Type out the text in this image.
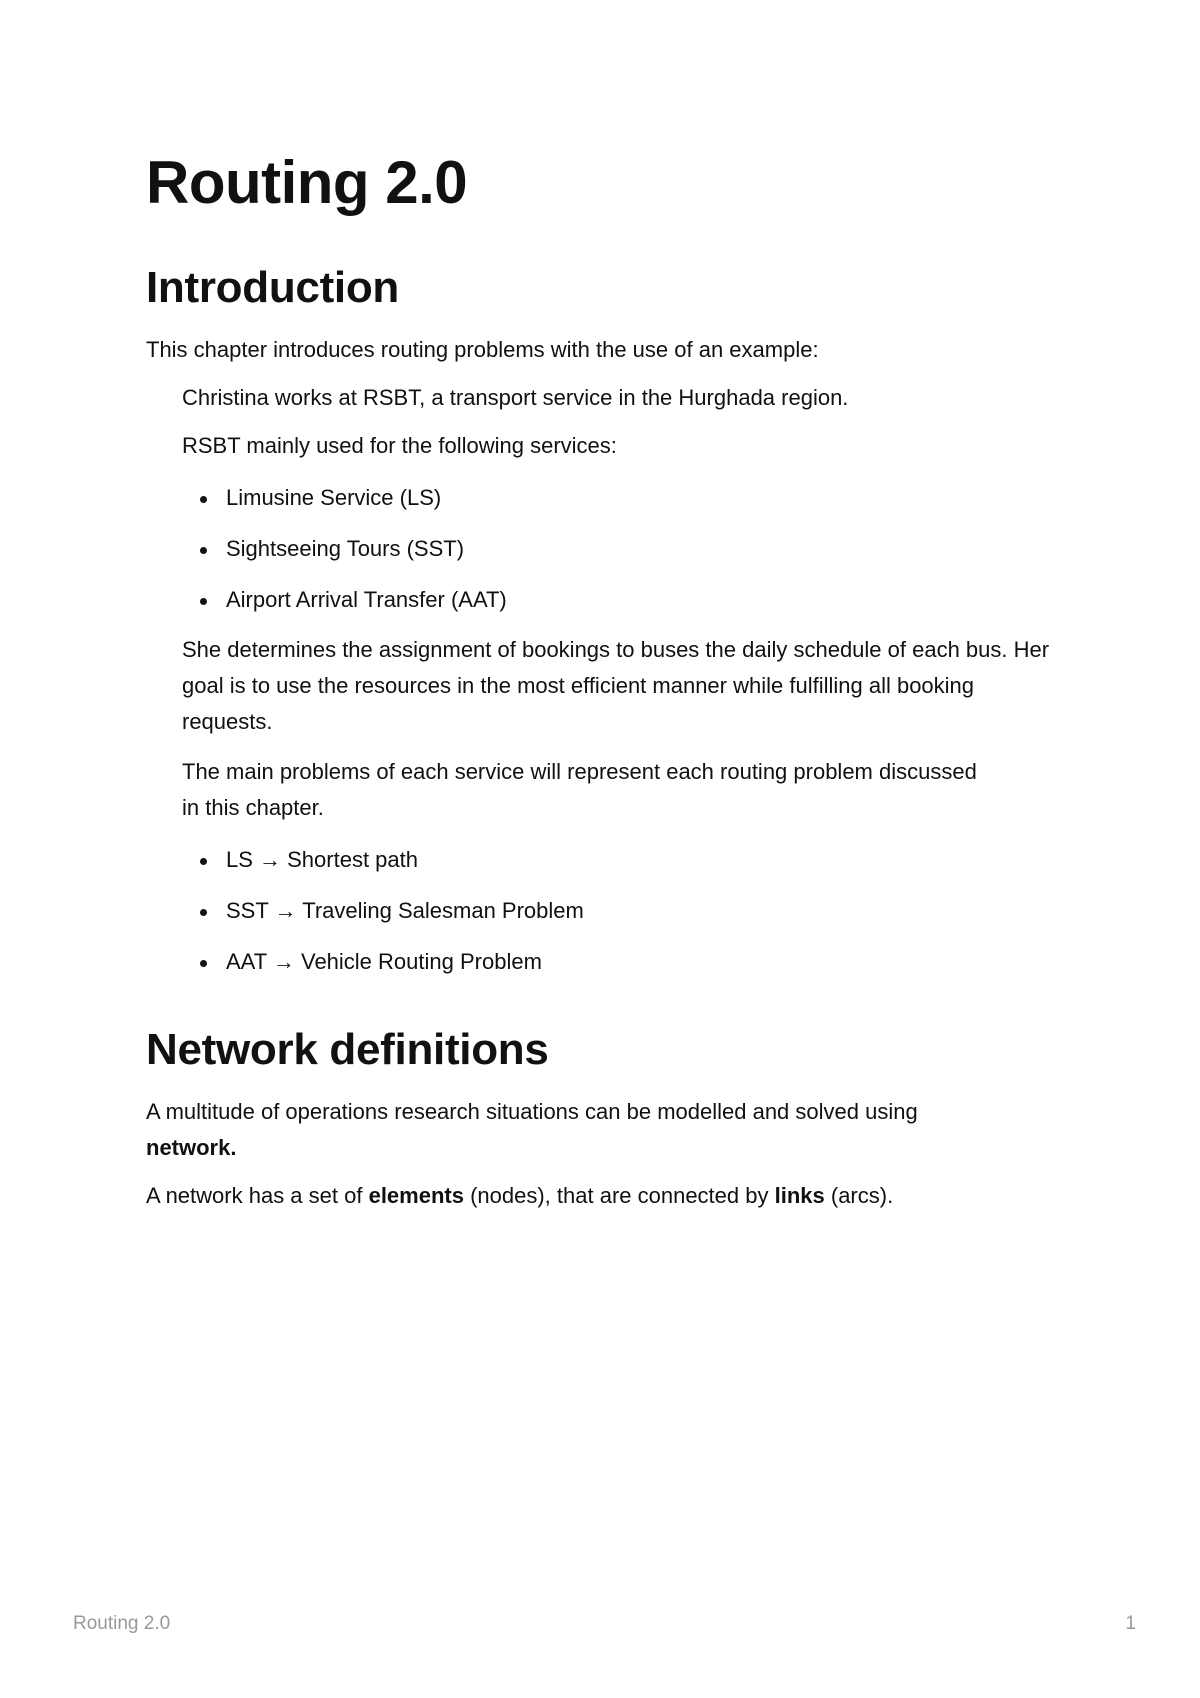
Routing 2.0
Introduction

This chapter introduces routing problems with the use of an example:

Christina works at RSBT, a transport service in the Hurghada region.

RSBT mainly used for the following services:

Limusine Service (LS)
Sightseeing Tours (SST)
Airport Arrival Transfer (AAT)

She determines the assignment of bookings to buses the daily schedule of each bus. Her goal is to use the resources in the most efficient manner while fulfilling all booking requests.

The main problems of each service will represent each routing problem discussed in this chapter.

LS → Shortest path
SST → Traveling Salesman Problem
AAT → Vehicle Routing Problem
Network definitions

A multitude of operations research situations can be modelled and solved using
network.

A network has a set of elements (nodes), that are connected by links (arcs).

Routing 2.0	1
